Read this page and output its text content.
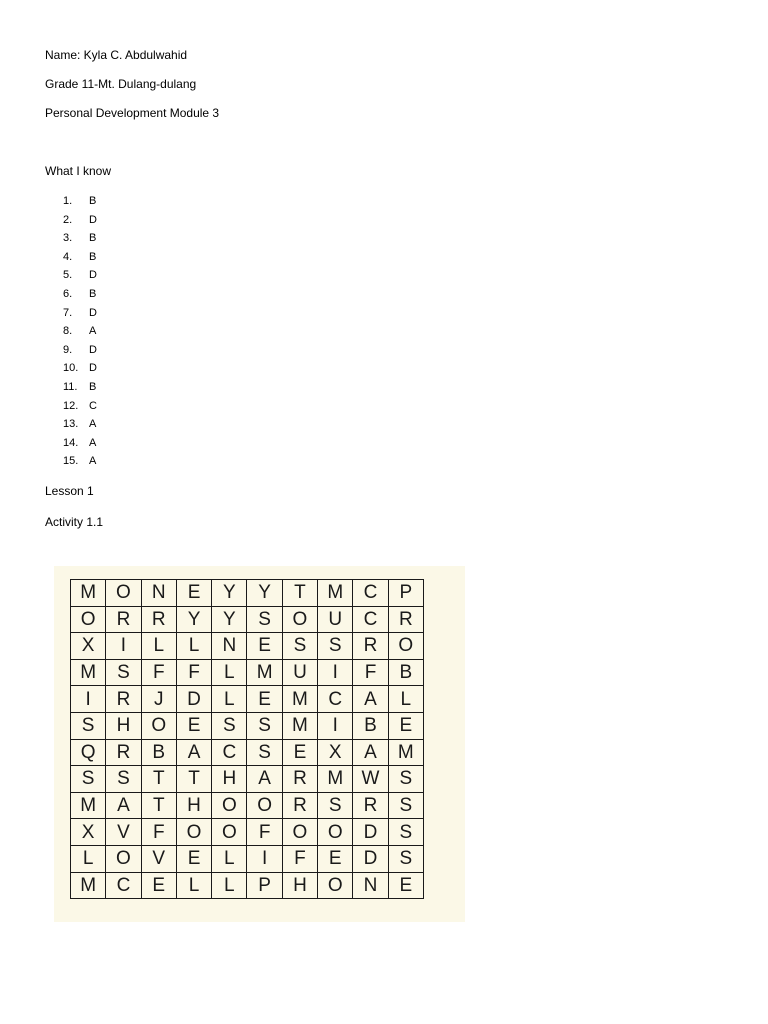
Name: Kyla C. Abdulwahid
Grade 11-Mt. Dulang-dulang
Personal Development Module 3
What I know
1. B
2. D
3. B
4. B
5. D
6. B
7. D
8. A
9. D
10. D
11. B
12. C
13. A
14. A
15. A
Lesson 1
Activity 1.1
M	O	N	E	Y	Y	T	M	C	P
O	R	R	Y	Y	S	O	U	C	R
X	I	L	L	N	E	S	S	R	O
M	S	F	F	L	M	U	I	F	B
I	R	J	D	L	E	M	C	A	L
S	H	O	E	S	S	M	I	B	E
Q	R	B	A	C	S	E	X	A	M
S	S	T	T	H	A	R	M	W	S
M	A	T	H	O	O	R	S	R	S
X	V	F	O	O	F	O	O	D	S
L	O	V	E	L	I	F	E	D	S
M	C	E	L	L	P	H	O	N	E
